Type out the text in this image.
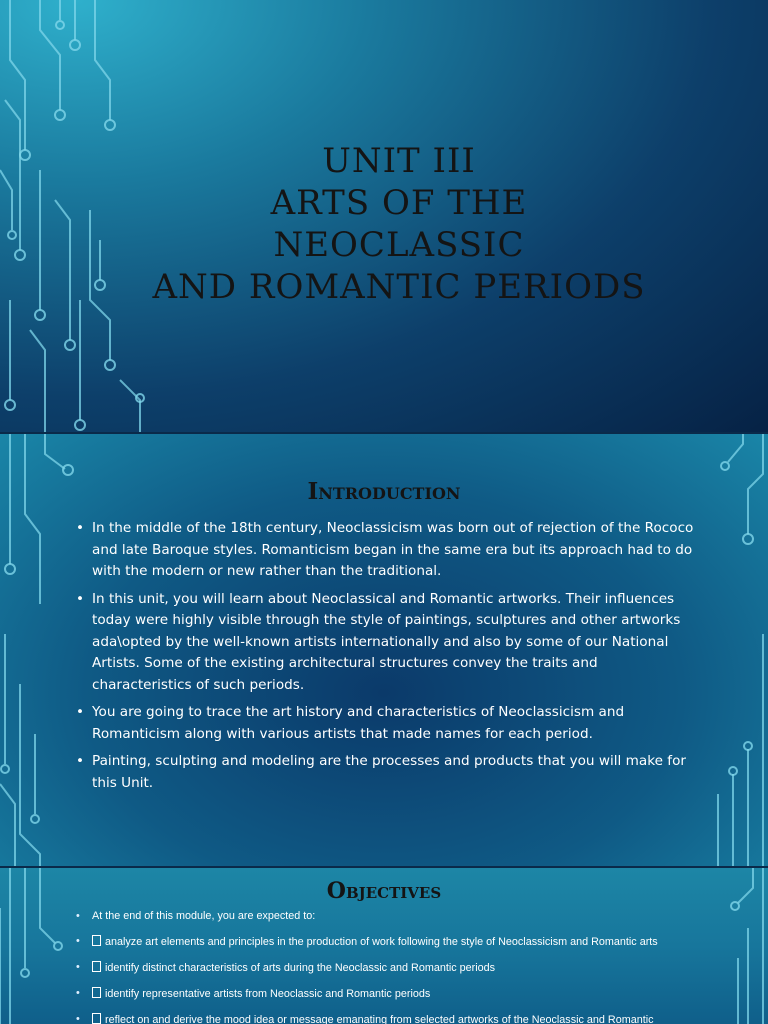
UNIT III
ARTS OF THE NEOCLASSIC
AND ROMANTIC PERIODS
Introduction
• In the middle of the 18th century, Neoclassicism was born out of rejection of the Rococo and late Baroque styles. Romanticism began in the same era but its approach had to do with the modern or new rather than the traditional.
• In this unit, you will learn about Neoclassical and Romantic artworks. Their influences today were highly visible through the style of paintings, sculptures and other artworks ada\opted by the well-known artists internationally and also by some of our National Artists. Some of the existing architectural structures convey the traits and characteristics of such periods.
• You are going to trace the art history and characteristics of Neoclassicism and Romanticism along with various artists that made names for each period.
• Painting, sculpting and modeling are the processes and products that you will make for this Unit.
Objectives
• At the end of this module, you are expected to:
• analyze art elements and principles in the production of work following the style of Neoclassicism and Romantic arts
• identify distinct characteristics of arts during the Neoclassic and Romantic periods
• identify representative artists from Neoclassic and Romantic periods
• reflect on and derive the mood idea or message emanating from selected artworks of the Neoclassic and Romantic
